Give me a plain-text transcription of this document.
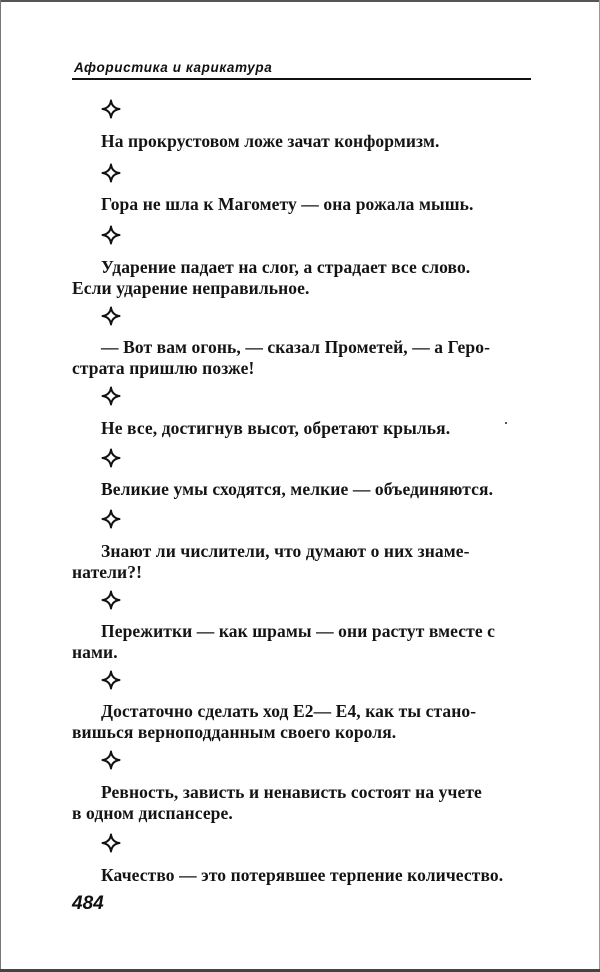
Афористика и карикатура
На прокрустовом ложе зачат конформизм.
Гора не шла к Магомету — она рожала мышь.
Ударение падает на слог, а страдает все слово.
Если ударение неправильное.
— Вот вам огонь, — сказал Прометей, — а Геро-
страта пришлю позже!
Не все, достигнув высот, обретают крылья.
Великие умы сходятся, мелкие — объединяются.
Знают ли числители, что думают о них знаме-
натели?!
Пережитки — как шрамы — они растут вместе с
нами.
Достаточно сделать ход Е2— Е4, как ты стано-
вишься верноподданным своего короля.
Ревность, зависть и ненависть состоят на учете
в одном диспансере.
Качество — это потерявшее терпение количество.
484
